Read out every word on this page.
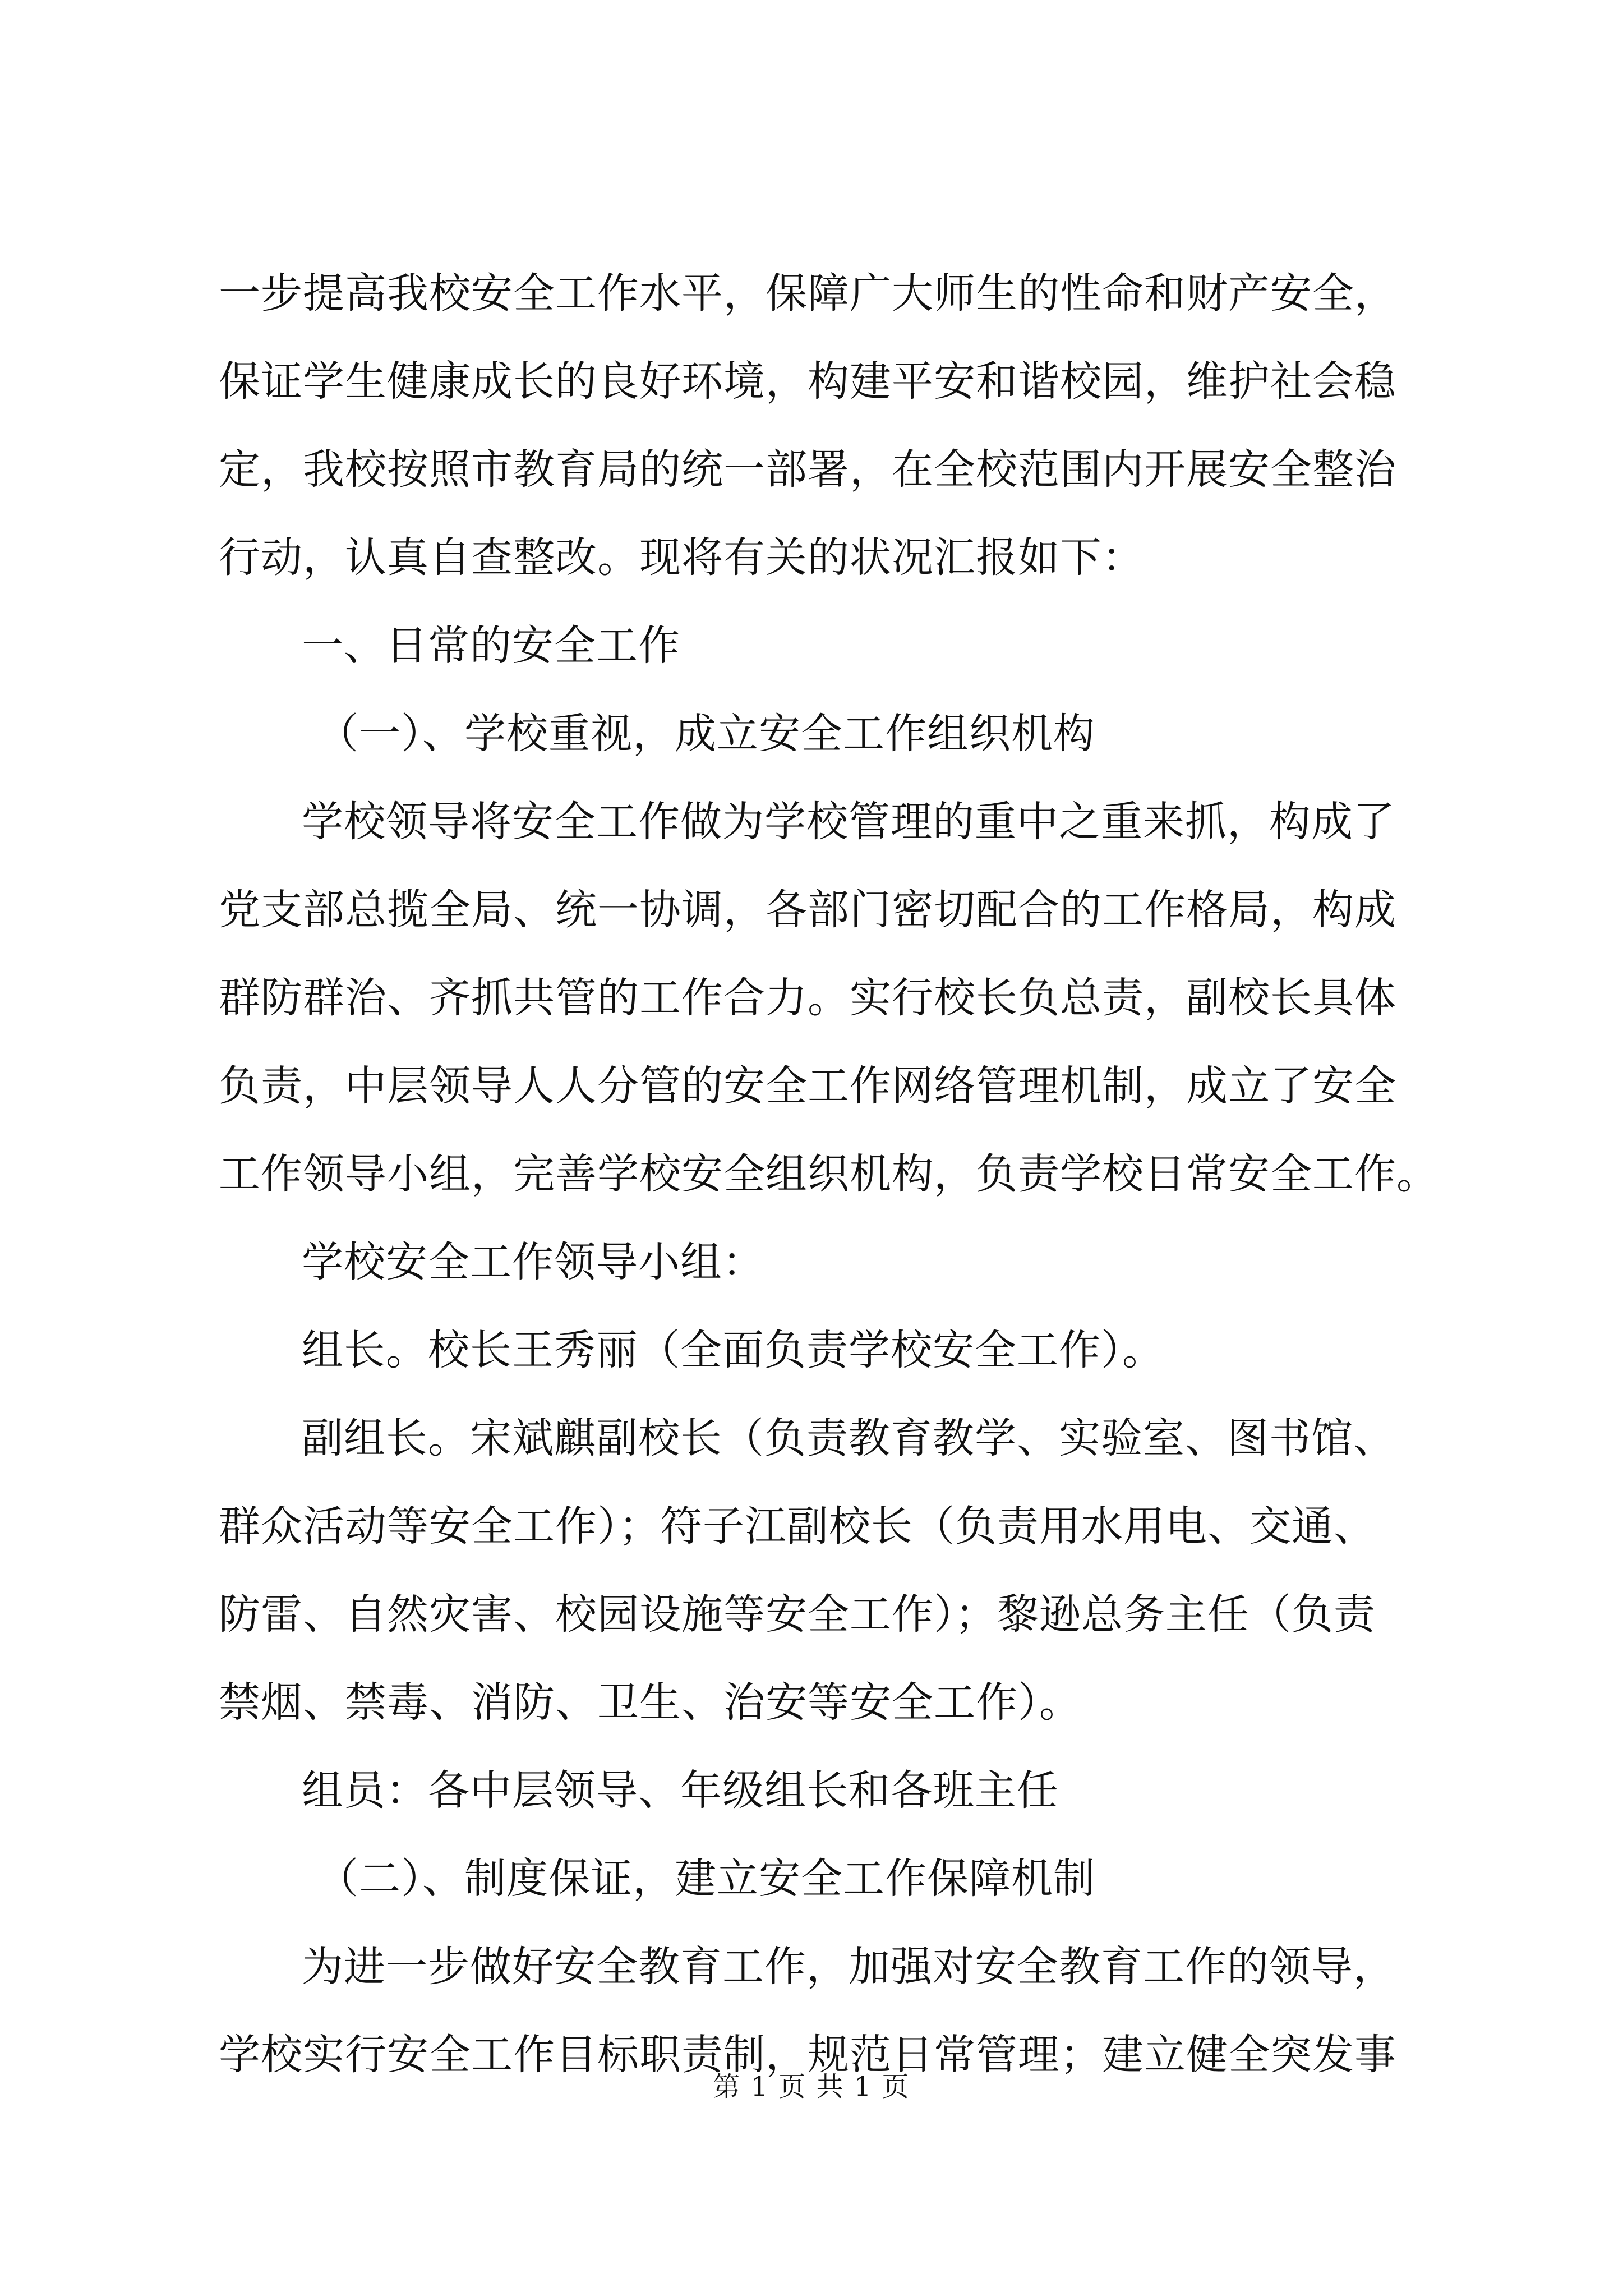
一步提高我校安全工作水平，保障广大师生的性命和财产安全，
保证学生健康成长的良好环境，构建平安和谐校园，维护社会稳
定，我校按照市教育局的统一部署，在全校范围内开展安全整治
行动，认真自查整改。现将有关的状况汇报如下：
一、日常的安全工作
（一）、学校重视，成立安全工作组织机构
学校领导将安全工作做为学校管理的重中之重来抓，构成了
党支部总揽全局、统一协调，各部门密切配合的工作格局，构成
群防群治、齐抓共管的工作合力。实行校长负总责，副校长具体
负责，中层领导人人分管的安全工作网络管理机制，成立了安全
工作领导小组，完善学校安全组织机构，负责学校日常安全工作。
学校安全工作领导小组：
组长。校长王秀丽（全面负责学校安全工作）。
副组长。宋斌麒副校长（负责教育教学、实验室、图书馆、
群众活动等安全工作）；符子江副校长（负责用水用电、交通、
防雷、自然灾害、校园设施等安全工作）；黎逊总务主任（负责
禁烟、禁毒、消防、卫生、治安等安全工作）。
组员：各中层领导、年级组长和各班主任
（二）、制度保证，建立安全工作保障机制
为进一步做好安全教育工作，加强对安全教育工作的领导，
学校实行安全工作目标职责制，规范日常管理；建立健全突发事
第 1 页 共 1 页
